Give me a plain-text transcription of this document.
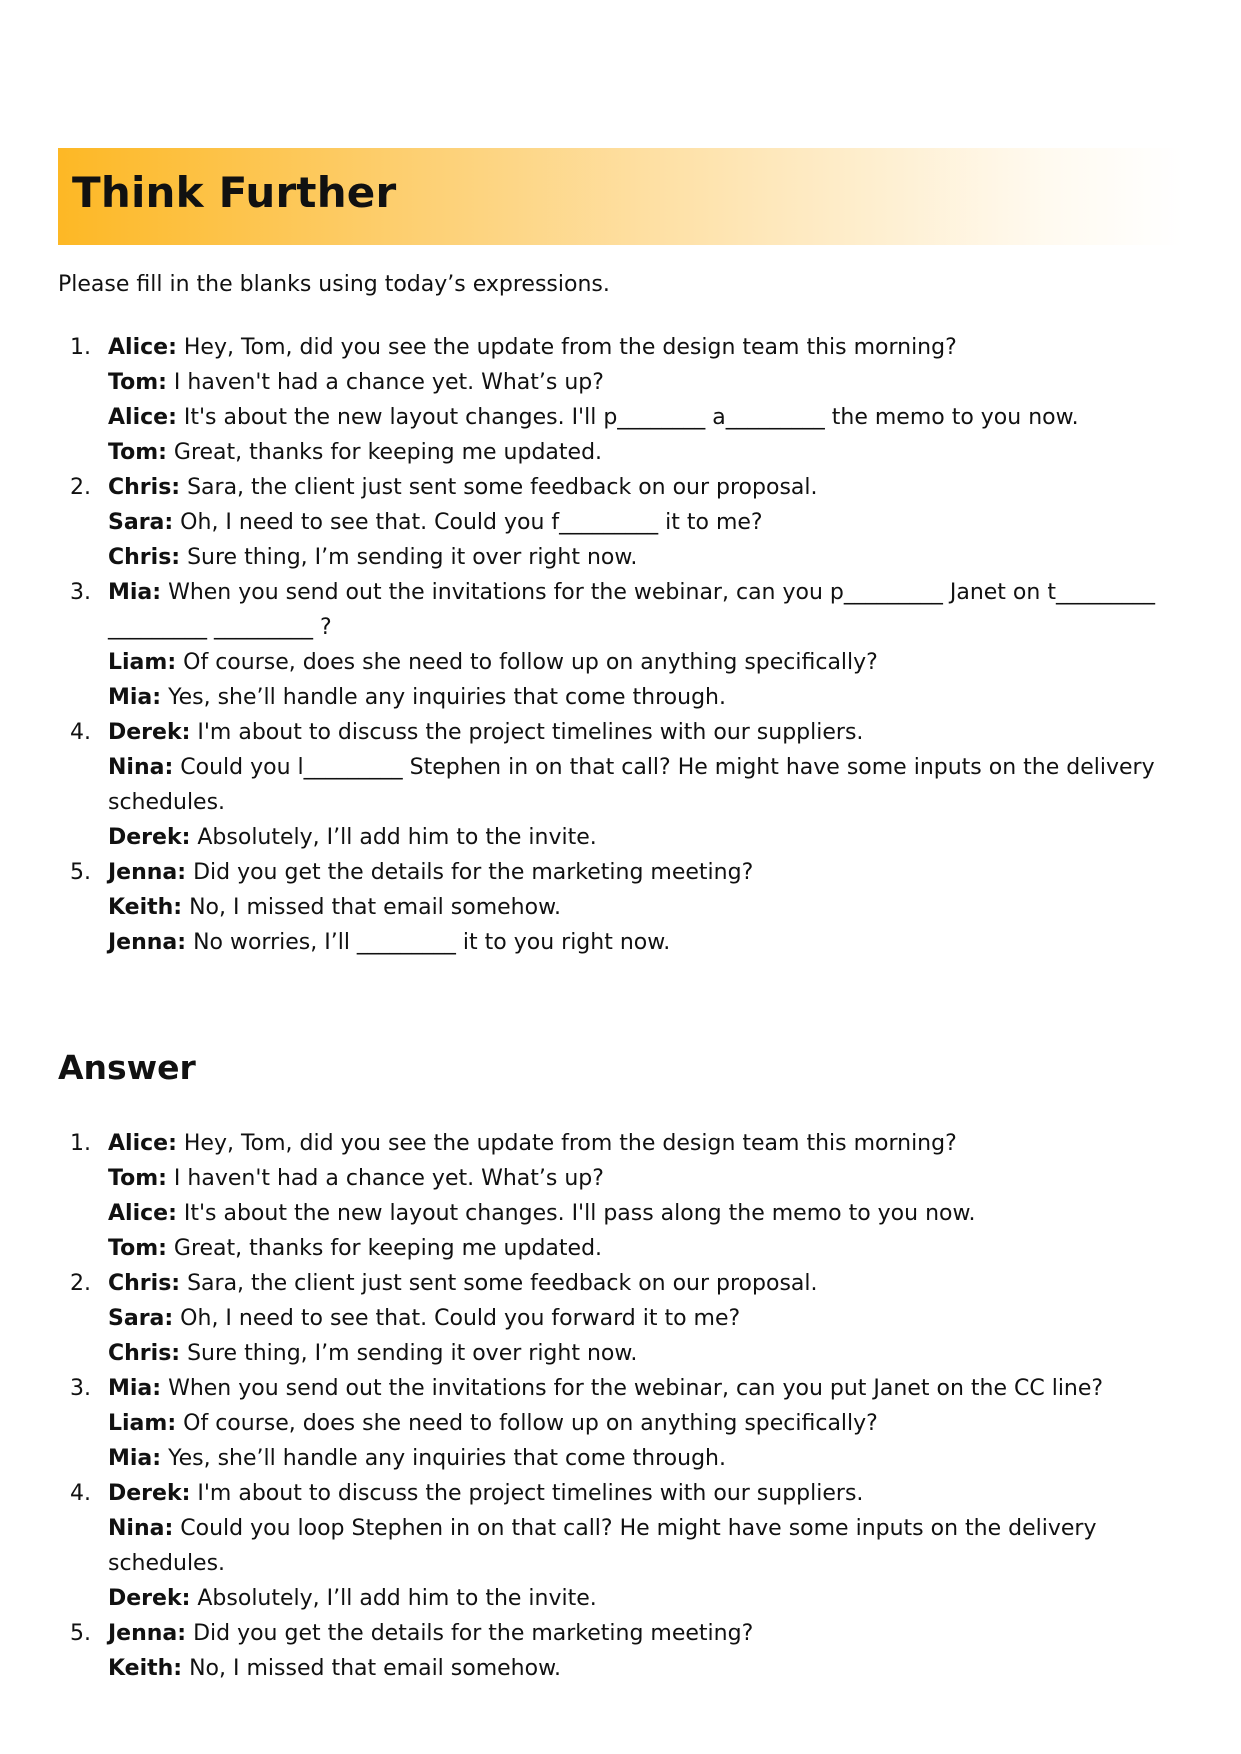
Think Further
Please fill in the blanks using today’s expressions.
1. Alice: Hey, Tom, did you see the update from the design team this morning?
Tom: I haven't had a chance yet. What’s up?
Alice: It's about the new layout changes. I'll p________ a_________ the memo to you now.
Tom: Great, thanks for keeping me updated.
2. Chris: Sara, the client just sent some feedback on our proposal.
Sara: Oh, I need to see that. Could you f_________ it to me?
Chris: Sure thing, I’m sending it over right now.
3. Mia: When you send out the invitations for the webinar, can you p_________ Janet on t_________ _________ _________ ?
Liam: Of course, does she need to follow up on anything specifically?
Mia: Yes, she’ll handle any inquiries that come through.
4. Derek: I'm about to discuss the project timelines with our suppliers.
Nina: Could you l_________ Stephen in on that call? He might have some inputs on the delivery schedules.
Derek: Absolutely, I’ll add him to the invite.
5. Jenna: Did you get the details for the marketing meeting?
Keith: No, I missed that email somehow.
Jenna: No worries, I’ll _________ it to you right now.
Answer
1. Alice: Hey, Tom, did you see the update from the design team this morning?
Tom: I haven't had a chance yet. What’s up?
Alice: It's about the new layout changes. I'll pass along the memo to you now.
Tom: Great, thanks for keeping me updated.
2. Chris: Sara, the client just sent some feedback on our proposal.
Sara: Oh, I need to see that. Could you forward it to me?
Chris: Sure thing, I’m sending it over right now.
3. Mia: When you send out the invitations for the webinar, can you put Janet on the CC line?
Liam: Of course, does she need to follow up on anything specifically?
Mia: Yes, she’ll handle any inquiries that come through.
4. Derek: I'm about to discuss the project timelines with our suppliers.
Nina: Could you loop Stephen in on that call? He might have some inputs on the delivery schedules.
Derek: Absolutely, I’ll add him to the invite.
5. Jenna: Did you get the details for the marketing meeting?
Keith: No, I missed that email somehow.
